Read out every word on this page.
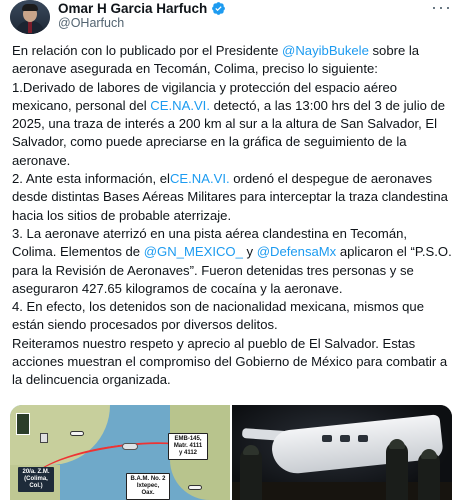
Omar H Garcia Harfuch
@OHarfuch
···

En relación con lo publicado por el Presidente @NayibBukele sobre la aeronave asegurada en Tecomán, Colima, preciso lo siguiente:

1.Derivado de labores de vigilancia y protección del espacio aéreo mexicano, personal del CE.NA.VI. detectó, a las 13:00 hrs del 3 de julio de 2025, una traza de interés a 200 km al sur a la altura de San Salvador, El Salvador, como puede apreciarse en la gráfica de seguimiento de la aeronave.

2. Ante esta información, elCE.NA.VI. ordenó el despegue de aeronaves desde distintas Bases Aéreas Militares para interceptar la traza clandestina hacia los sitios de probable aterrizaje.

3. La aeronave aterrizó en una pista aérea clandestina en Tecomán, Colima. Elementos de @GN_MEXICO_ y @DefensaMx aplicaron el “P.S.O. para la Revisión de Aeronaves”. Fueron detenidas tres personas y se aseguraron 427.65 kilogramos de cocaína y la aeronave.

4. En efecto, los detenidos son de nacionalidad mexicana, mismos que están siendo procesados por diversos delitos.

Reiteramos nuestro respeto y aprecio al pueblo de El Salvador. Estas acciones muestran el compromiso del Gobierno de México para combatir a la delincuencia organizada.

20/a. Z.M. (Colima, Col.)
EMB-145, Matr. 4111 y 4112
B.A.M. No. 2 Ixtepec, Oax.
